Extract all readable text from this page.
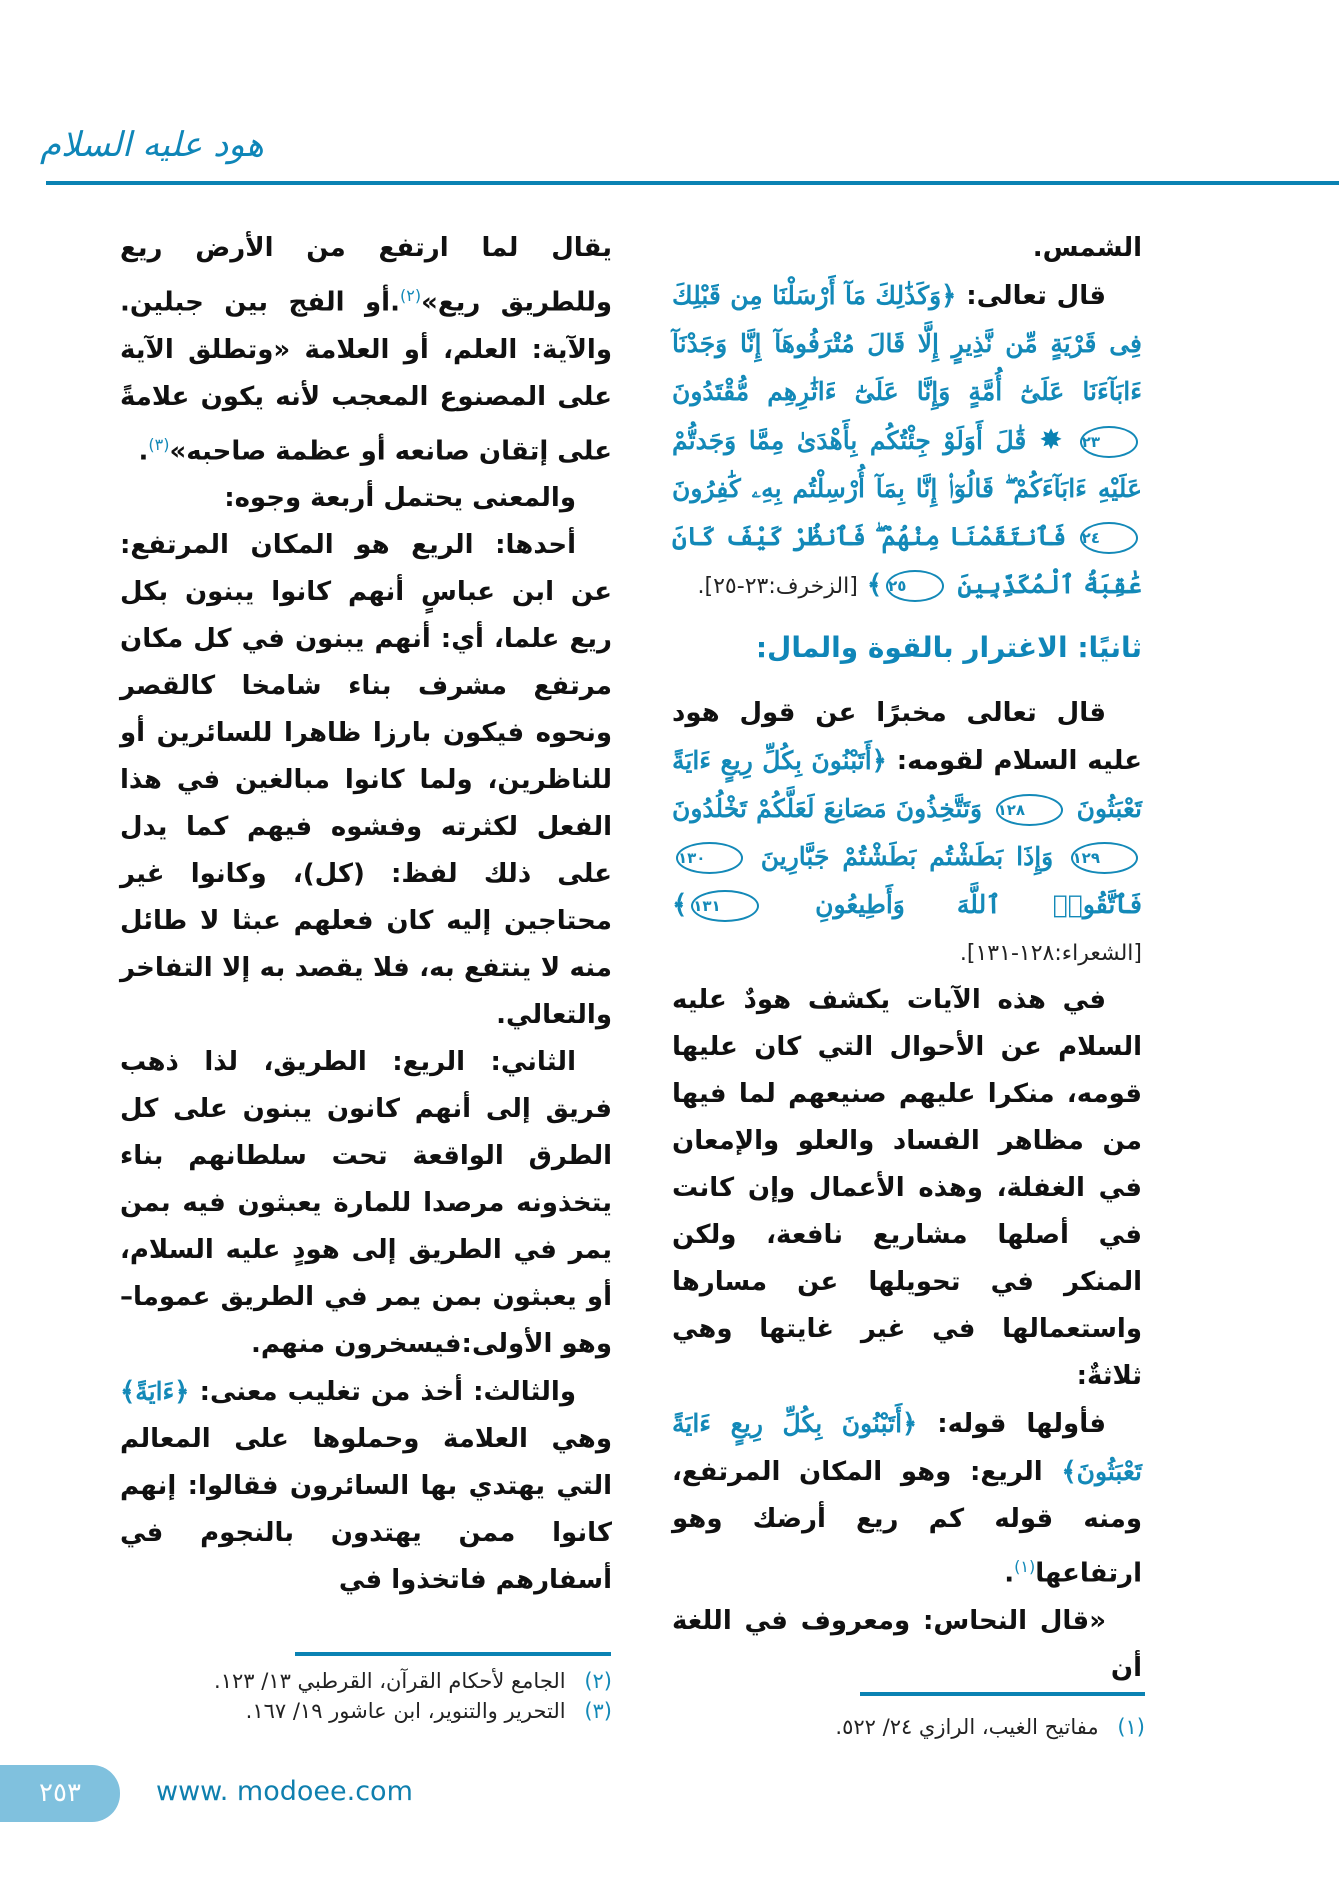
هود عليه السلام

الشمس.

قال تعالى: ﴿وَكَذَٰلِكَ مَآ أَرْسَلْنَا مِن قَبْلِكَ فِى قَرْيَةٍ مِّن نَّذِيرٍ إِلَّا قَالَ مُتْرَفُوهَآ إِنَّا وَجَدْنَآ ءَابَآءَنَا عَلَىٰٓ أُمَّةٍ وَإِنَّا عَلَىٰٓ ءَاثَٰرِهِم مُّقْتَدُونَ ٢٣ ✸ قَٰلَ أَوَلَوْ جِئْتُكُم بِأَهْدَىٰ مِمَّا وَجَدتُّمْ عَلَيْهِ ءَابَآءَكُمْ ۖ قَالُوٓا۟ إِنَّا بِمَآ أُرْسِلْتُم بِهِۦ كَٰفِرُونَ ٢٤ فَٱنتَقَمْنَا مِنْهُمْ ۖ فَٱنظُرْ كَيْفَ كَانَ عَٰقِبَةُ ٱلْمُكَذِّبِينَ ٢٥﴾ [الزخرف:٢٣-٢٥].

ثانيًا: الاغترار بالقوة والمال:

قال تعالى مخبرًا عن قول هود عليه السلام لقومه: ﴿أَتَبْنُونَ بِكُلِّ رِيعٍ ءَايَةً تَعْبَثُونَ ١٢٨ وَتَتَّخِذُونَ مَصَانِعَ لَعَلَّكُمْ تَخْلُدُونَ ١٢٩ وَإِذَا بَطَشْتُم بَطَشْتُمْ جَبَّارِينَ ١٣٠ فَٱتَّقُوا۟ ٱللَّهَ وَأَطِيعُونِ ١٣١﴾ [الشعراء:١٢٨-١٣١].

في هذه الآيات يكشف هودٌ عليه السلام عن الأحوال التي كان عليها قومه، منكرا عليهم صنيعهم لما فيها من مظاهر الفساد والعلو والإمعان في الغفلة، وهذه الأعمال وإن كانت في أصلها مشاريع نافعة، ولكن المنكر في تحويلها عن مسارها واستعمالها في غير غايتها وهي ثلاثةٌ:

فأولها قوله: ﴿أَتَبْنُونَ بِكُلِّ رِيعٍ ءَايَةً تَعْبَثُونَ﴾ الريع: وهو المكان المرتفع، ومنه قوله كم ريع أرضك وهو ارتفاعها$^{(١)}$.

«قال النحاس: ومعروف في اللغة أن

يقال لما ارتفع من الأرض ريع وللطريق ريع»$^{(٢)}$.أو الفج بين جبلين. والآية: العلم، أو العلامة «وتطلق الآية على المصنوع المعجب لأنه يكون علامةً على إتقان صانعه أو عظمة صاحبه»$^{(٣)}$.

والمعنى يحتمل أربعة وجوه:

أحدها: الريع هو المكان المرتفع: عن ابن عباسٍ أنهم كانوا يبنون بكل ريع علما، أي: أنهم يبنون في كل مكان مرتفع مشرف بناء شامخا كالقصر ونحوه فيكون بارزا ظاهرا للسائرين أو للناظرين، ولما كانوا مبالغين في هذا الفعل لكثرته وفشوه فيهم كما يدل على ذلك لفظ: (كل)، وكانوا غير محتاجين إليه كان فعلهم عبثا لا طائل منه لا ينتفع به، فلا يقصد به إلا التفاخر والتعالي.

الثاني: الريع: الطريق، لذا ذهب فريق إلى أنهم كانون يبنون على كل الطرق الواقعة تحت سلطانهم بناء يتخذونه مرصدا للمارة يعبثون فيه بمن يمر في الطريق إلى هودٍ عليه السلام، أو يعبثون بمن يمر في الطريق عموما–وهو الأولى:فيسخرون منهم.

والثالث: أخذ من تغليب معنى: ﴿ءَايَةً﴾ وهي العلامة وحملوها على المعالم التي يهتدي بها السائرون فقالوا: إنهم كانوا ممن يهتدون بالنجوم في أسفارهم فاتخذوا في

(١) مفاتيح الغيب، الرازي ٢٤/ ٥٢٢.
(٢) الجامع لأحكام القرآن، القرطبي ١٣/ ١٢٣.
(٣) التحرير والتنوير، ابن عاشور ١٩/ ١٦٧.
٢٥٣	www. modoee.com
